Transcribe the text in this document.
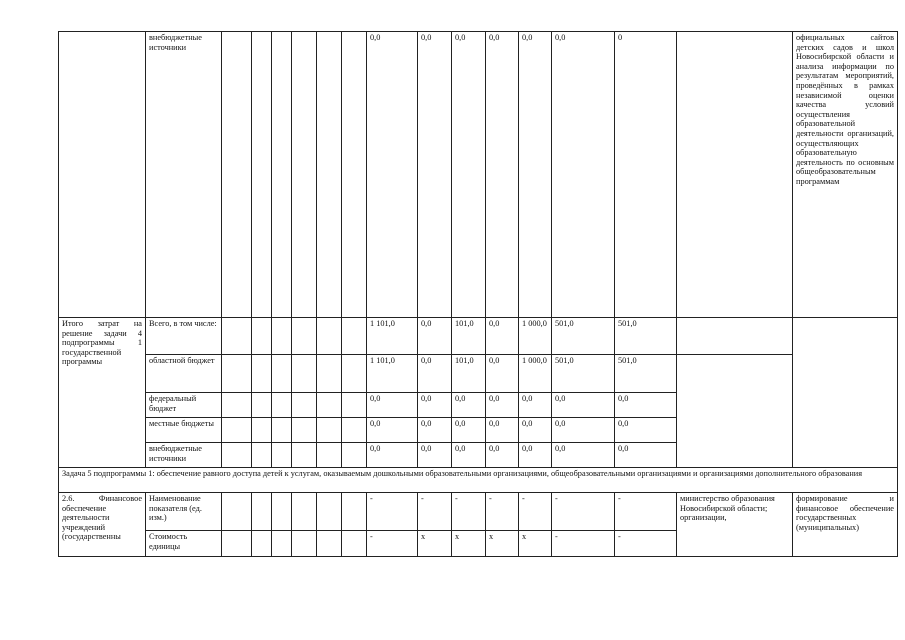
	внебюджетные источники							0,0	0,0	0,0	0,0	0,0	0,0	0		официальных сайтов детских садов и школ Новосибирской области и анализа информации по результатам мероприятий, проведённых в рамках независимой оценки качества условий осуществления образовательной деятельности организаций, осуществляющих образовательную деятельность по основным общеобразовательным программам
Итого затрат на решение задачи 4 подпрограммы 1 государственной программы	Всего, в том числе:							1 101,0	0,0	101,0	0,0	1 000,0	501,0	501,0		
	областной бюджет							1 101,0	0,0	101,0	0,0	1 000,0	501,0	501,0		
	федеральный бюджет							0,0	0,0	0,0	0,0	0,0	0,0	0,0		
	местные бюджеты							0,0	0,0	0,0	0,0	0,0	0,0	0,0		
	внебюджетные источники							0,0	0,0	0,0	0,0	0,0	0,0	0,0		
Задача 5 подпрограммы 1: обеспечение равного доступа детей к услугам, оказываемым дошкольными образовательными организациями, общеобразовательными организациями и организациями дополнительного образования																
2.6. Финансовое обеспечение деятельности учреждений (государственны	Наименование показателя (ед. изм.)							-	-	-	-	-	-	-	министерство образования Новосибирской области; организации,	формирование и финансовое обеспечение государственных (муниципальных)
	Стоимость единицы							-	х	х	х	х	-	-		
